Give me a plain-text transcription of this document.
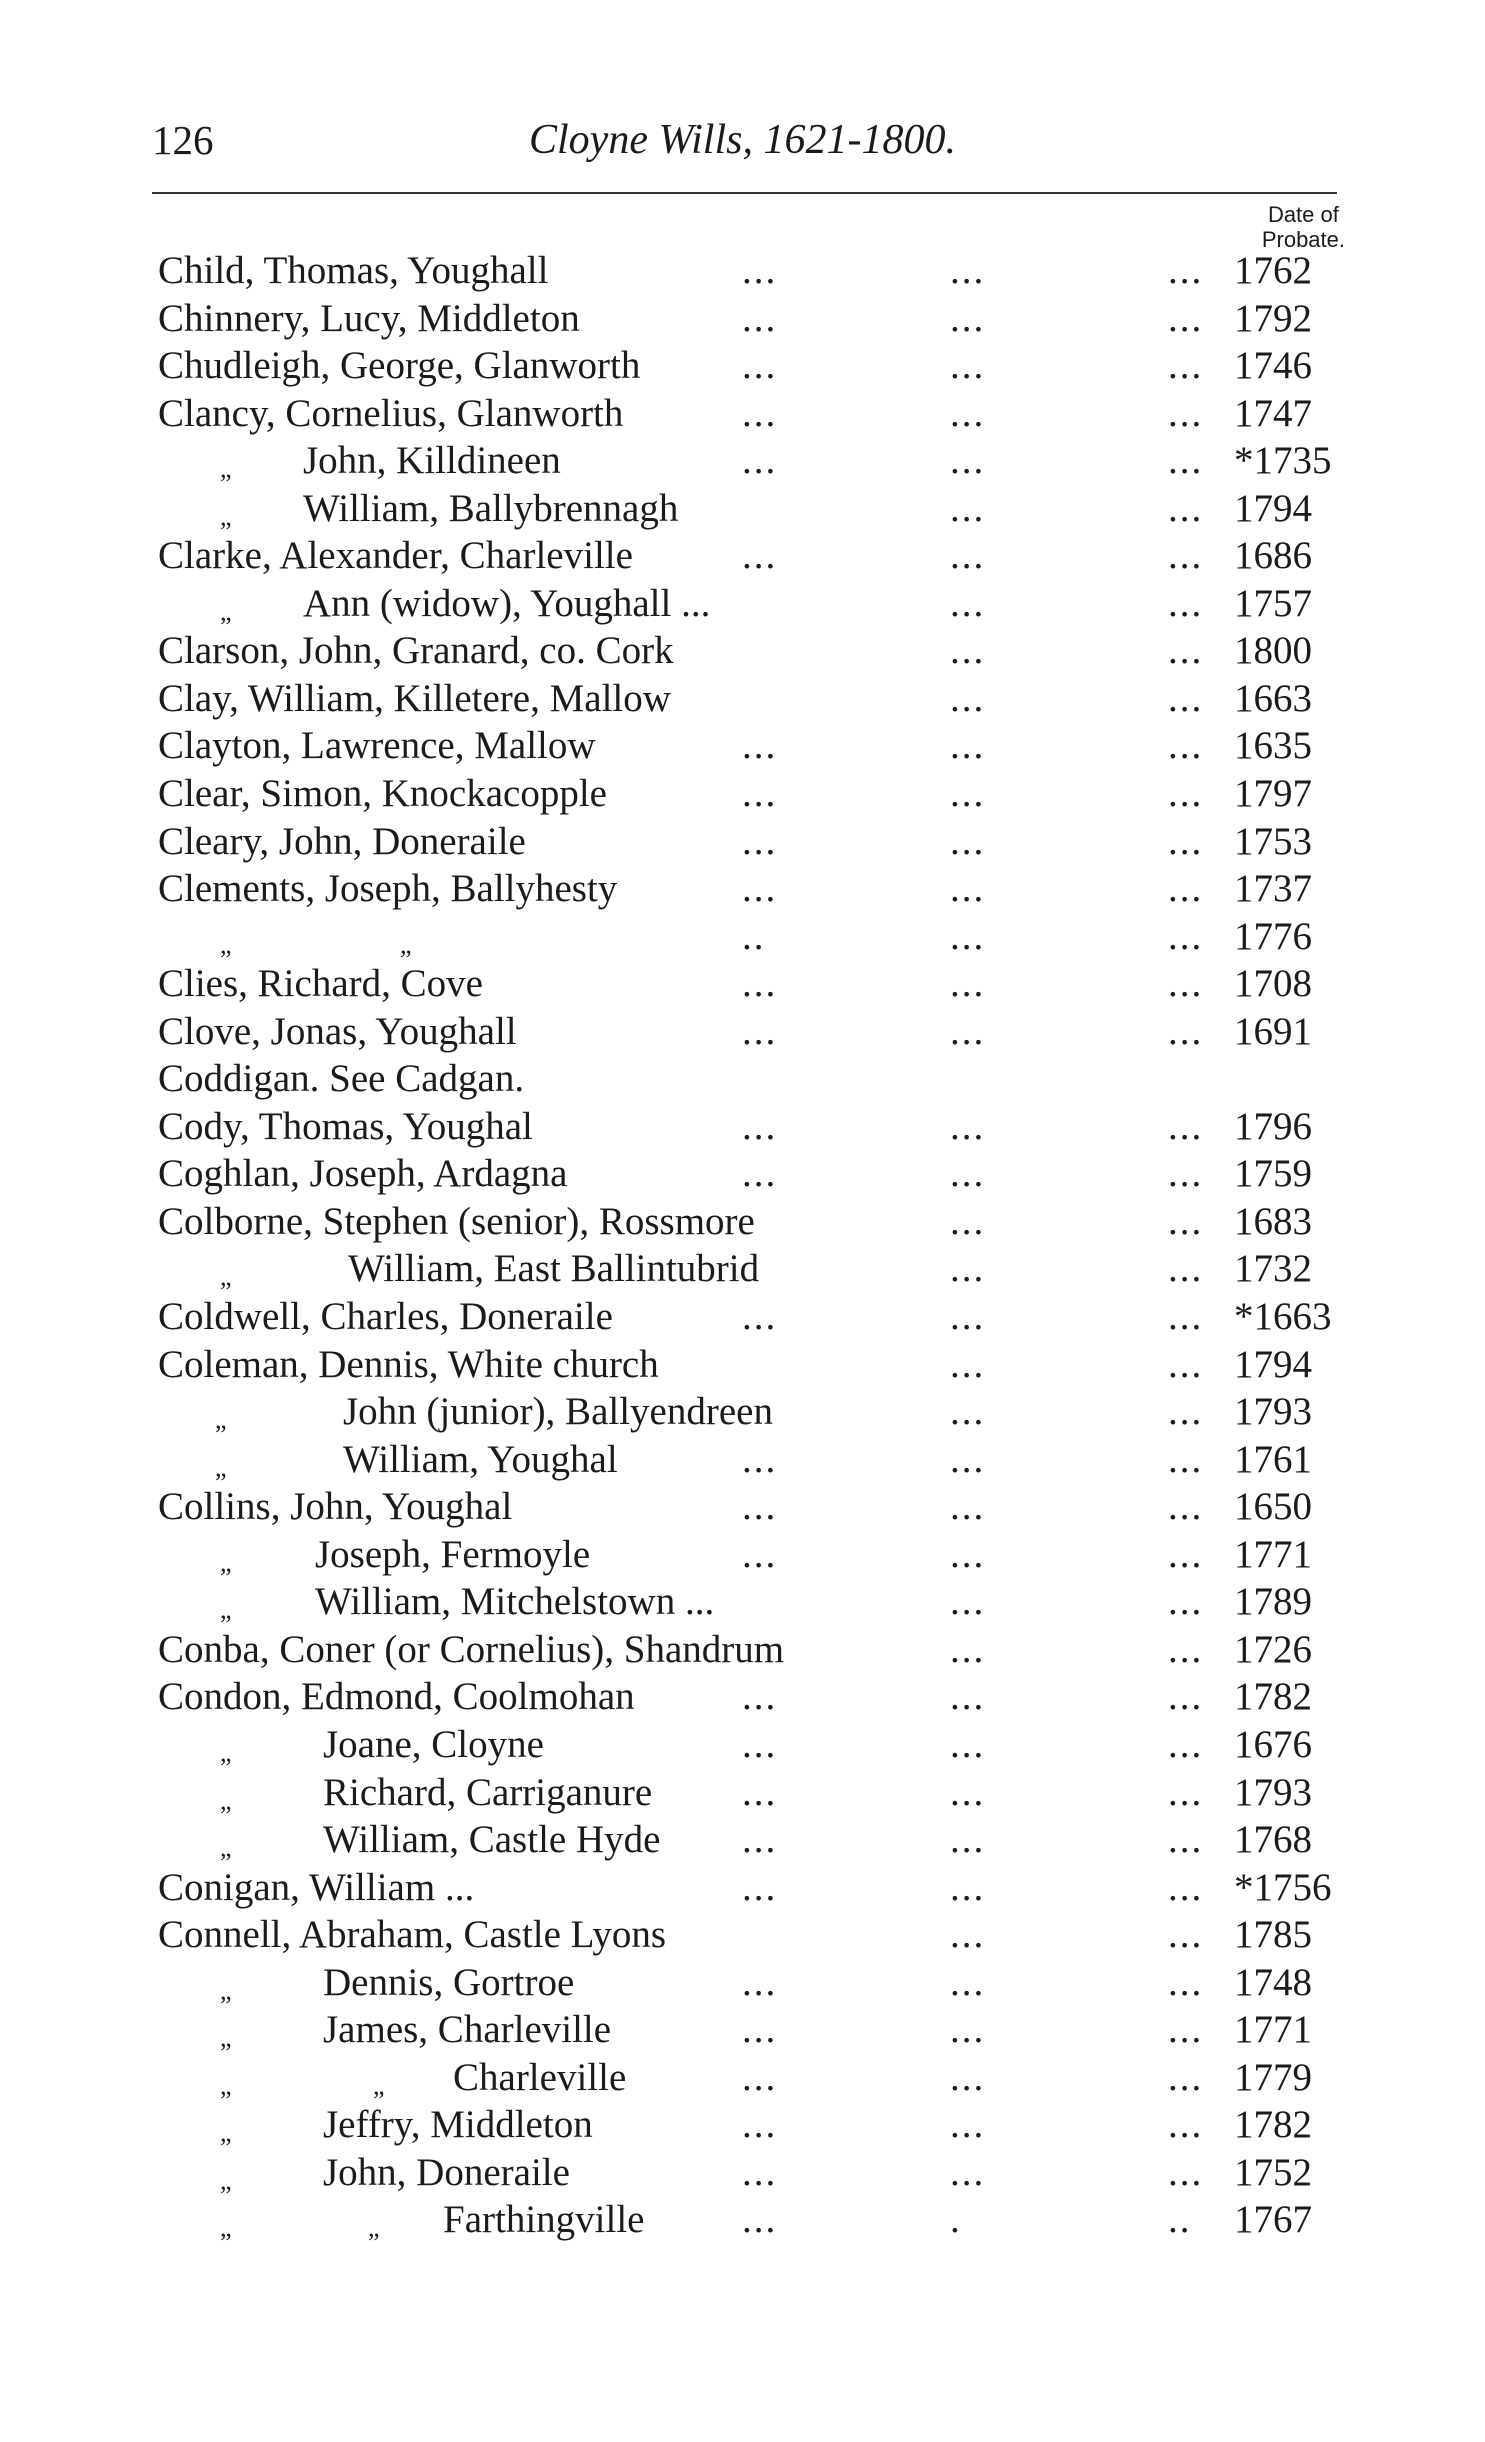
126	Cloyne Wills, 1621-1800.
Date of
Probate.
Child, Thomas, Youghall	...	...	... 1762
Chinnery, Lucy, Middleton	...	...	... 1792
Chudleigh, George, Glanworth	...	...	... 1746
Clancy, Cornelius, Glanworth	...	...	... 1747
„ John, Killdineen	...	...	... *1735
„ William, Ballybrennagh	...	... 1794
Clarke, Alexander, Charleville	...	...	... 1686
„ Ann (widow), Youghall ...	...	... 1757
Clarson, John, Granard, co. Cork	...	... 1800
Clay, William, Killetere, Mallow	...	... 1663
Clayton, Lawrence, Mallow	...	...	... 1635
Clear, Simon, Knockacopple	...	...	... 1797
Cleary, John, Doneraile	...	...	... 1753
Clements, Joseph, Ballyhesty	...	...	... 1737
„	„	..	...	... 1776
Clies, Richard, Cove	...	...	... 1708
Clove, Jonas, Youghall	...	...	... 1691
Coddigan. See Cadgan.
Cody, Thomas, Youghal	...	...	... 1796
Coghlan, Joseph, Ardagna	...	...	... 1759
Colborne, Stephen (senior), Rossmore	...	... 1683
„	William, East Ballintubrid	...	... 1732
Coldwell, Charles, Doneraile	...	...	... *1663
Coleman, Dennis, White church	...	... 1794
„	John (junior), Ballyendreen	...	... 1793
„	William, Youghal	...	...	... 1761
Collins, John, Youghal	...	...	... 1650
„ Joseph, Fermoyle	...	...	... 1771
„ William, Mitchelstown ...	...	... 1789
Conba, Coner (or Cornelius), Shandrum	...	... 1726
Condon, Edmond, Coolmohan	...	...	... 1782
„ Joane, Cloyne	...	...	... 1676
„ Richard, Carriganure ...	...	... 1793
„ William, Castle Hyde ...	...	... 1768
Conigan, William ...	...	...	... *1756
Connell, Abraham, Castle Lyons	...	... 1785
„ Dennis, Gortroe	...	...	... 1748
„ James, Charleville	...	...	... 1771
„	„ Charleville	...	...	... 1779
„ Jeffry, Middleton	...	...	... 1782
„ John, Doneraile	...	...	... 1752
„	„ Farthingville	...	.	.. 1767
